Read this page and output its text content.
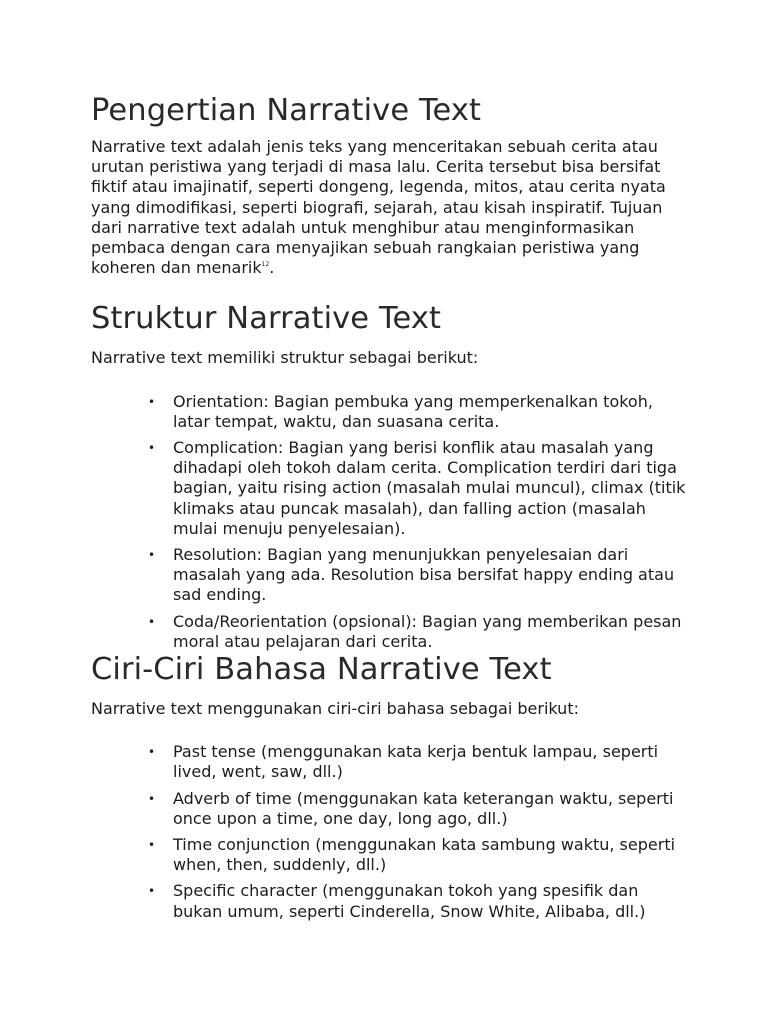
Pengertian Narrative Text

Narrative text adalah jenis teks yang menceritakan sebuah cerita atau urutan peristiwa yang terjadi di masa lalu. Cerita tersebut bisa bersifat fiktif atau imajinatif, seperti dongeng, legenda, mitos, atau cerita nyata yang dimodifikasi, seperti biografi, sejarah, atau kisah inspiratif. Tujuan dari narrative text adalah untuk menghibur atau menginformasikan pembaca dengan cara menyajikan sebuah rangkaian peristiwa yang koheren dan menarik$^{12}$.

Struktur Narrative Text

Narrative text memiliki struktur sebagai berikut:

• Orientation: Bagian pembuka yang memperkenalkan tokoh, latar tempat, waktu, dan suasana cerita.
• Complication: Bagian yang berisi konflik atau masalah yang dihadapi oleh tokoh dalam cerita. Complication terdiri dari tiga bagian, yaitu rising action (masalah mulai muncul), climax (titik klimaks atau puncak masalah), dan falling action (masalah mulai menuju penyelesaian).
• Resolution: Bagian yang menunjukkan penyelesaian dari masalah yang ada. Resolution bisa bersifat happy ending atau sad ending.
• Coda/Reorientation (opsional): Bagian yang memberikan pesan moral atau pelajaran dari cerita.
Ciri-Ciri Bahasa Narrative Text

Narrative text menggunakan ciri-ciri bahasa sebagai berikut:

• Past tense (menggunakan kata kerja bentuk lampau, seperti lived, went, saw, dll.)
• Adverb of time (menggunakan kata keterangan waktu, seperti once upon a time, one day, long ago, dll.)
• Time conjunction (menggunakan kata sambung waktu, seperti when, then, suddenly, dll.)
• Specific character (menggunakan tokoh yang spesifik dan bukan umum, seperti Cinderella, Snow White, Alibaba, dll.)
